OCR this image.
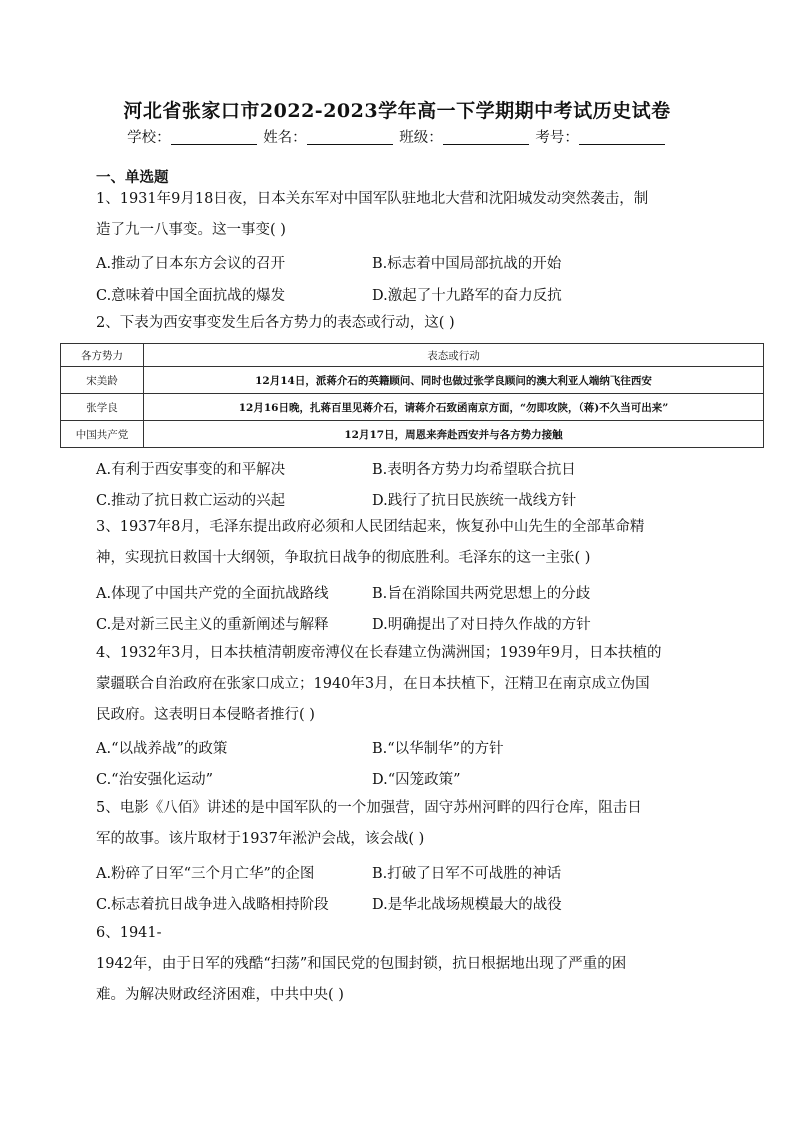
河北省张家口市2022-2023学年高一下学期期中考试历史试卷
学校：	姓名：	班级：	考号：
一、单选题
1、1931年9月18日夜，日本关东军对中国军队驻地北大营和沈阳城发动突然袭击，制
造了九一八事变。这一事变( )
A.推动了日本东方会议的召开	B.标志着中国局部抗战的开始
C.意味着中国全面抗战的爆发	D.激起了十九路军的奋力反抗
2、下表为西安事变发生后各方势力的表态或行动，这( )
各方势力	表态或行动
宋美龄	12月14日，派蒋介石的英籍顾问、同时也做过张学良顾问的澳大利亚人端纳飞往西安
张学良	12月16日晚，扎蒋百里见蒋介石，请蒋介石致函南京方面，“勿即攻陕，（蒋)不久当可出来”
中国共产党	12月17日，周恩来奔赴西安并与各方势力接触
A.有利于西安事变的和平解决	B.表明各方势力均希望联合抗日
C.推动了抗日救亡运动的兴起	D.践行了抗日民族统一战线方针
3、1937年8月，毛泽东提出政府必须和人民团结起来，恢复孙中山先生的全部革命精
神，实现抗日救国十大纲领，争取抗日战争的彻底胜利。毛泽东的这一主张( )
A.体现了中国共产党的全面抗战路线	B.旨在消除国共两党思想上的分歧
C.是对新三民主义的重新阐述与解释	D.明确提出了对日持久作战的方针
4、1932年3月，日本扶植清朝废帝溥仪在长春建立伪满洲国；1939年9月，日本扶植的
蒙疆联合自治政府在张家口成立；1940年3月，在日本扶植下，汪精卫在南京成立伪国
民政府。这表明日本侵略者推行( )
A.“以战养战”的政策	B.“以华制华”的方针
C.“治安强化运动”	D.“囚笼政策”
5、电影《八佰》讲述的是中国军队的一个加强营，固守苏州河畔的四行仓库，阻击日
军的故事。该片取材于1937年淞沪会战，该会战( )
A.粉碎了日军“三个月亡华”的企图	B.打破了日军不可战胜的神话
C.标志着抗日战争进入战略相持阶段	D.是华北战场规模最大的战役
6、1941-
1942年，由于日军的残酷“扫荡”和国民党的包围封锁，抗日根据地出现了严重的困
难。为解决财政经济困难，中共中央( )
